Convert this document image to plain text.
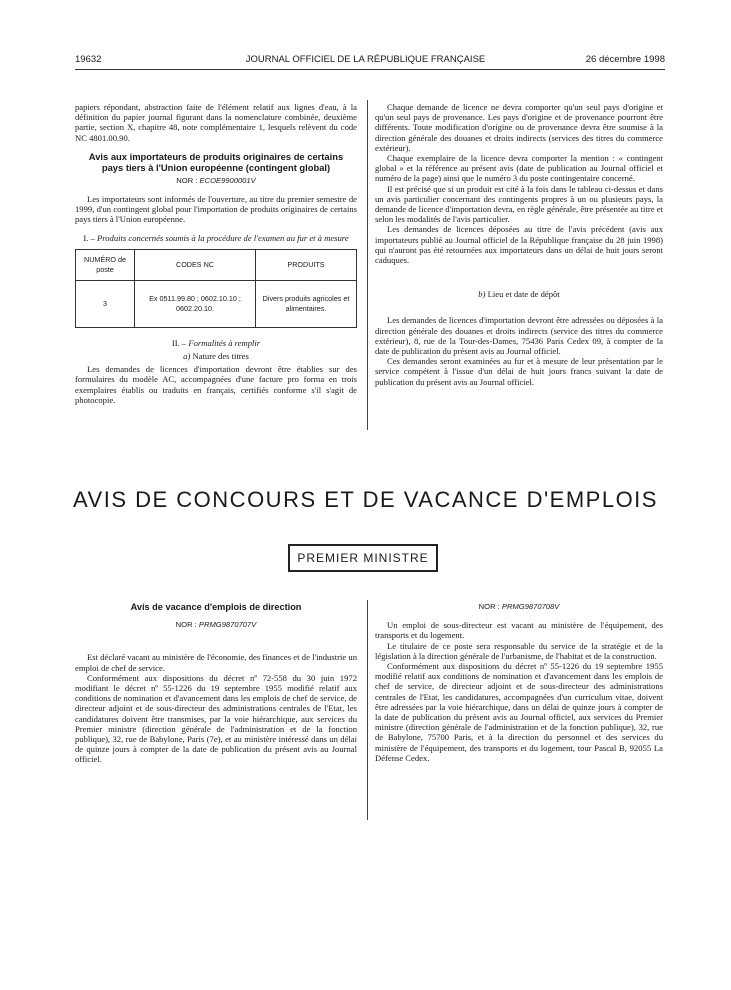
19632	JOURNAL OFFICIEL DE LA RÉPUBLIQUE FRANÇAISE	26 décembre 1998

papiers répondant, abstraction faite de l'élément relatif aux lignes d'eau, à la définition du papier journal figurant dans la nomenclature combinée, deuxième partie, section X, chapitre 48, note complémentaire 1, lesquels relèvent du code NC 4801.00.90.

Avis aux importateurs de produits originaires de certains pays tiers à l'Union européenne (contingent global)
NOR : ECOE9900001V

Les importateurs sont informés de l'ouverture, au titre du premier semestre de 1999, d'un contingent global pour l'importation de produits originaires de certains pays tiers à l'Union européenne.

I. – Produits concernés soumis à la procédure de l'examen au fur et à mesure
NUMÉRO de poste	CODES NC	PRODUITS
3	Ex 0511.99.80 ; 0602.10.10 ; 0602.20.10.	Divers produits agricoles et alimentaires.
II. – Formalités à remplir
a) Nature des titres

Les demandes de licences d'importation devront être établies sur des formulaires du modèle AC, accompagnées d'une facture pro forma en trois exemplaires établis ou traduits en français, certifiés conforme s'il s'agit de photocopie.

Chaque demande de licence ne devra comporter qu'un seul pays d'origine et qu'un seul pays de provenance. Les pays d'origine et de provenance pourront être différents. Toute modification d'origine ou de provenance devra être soumise à la direction générale des douanes et droits indirects (services des titres du commerce extérieur).

Chaque exemplaire de la licence devra comporter la mention : « contingent global » et la référence au présent avis (date de publication au Journal officiel et numéro de la page) ainsi que le numéro 3 du poste contingentaire concerné.

Il est précisé que si un produit est cité à la fois dans le tableau ci-dessus et dans un avis particulier concernant des contingents propres à un ou plusieurs pays, la demande de licence d'importation devra, en règle générale, être présentée au titre et selon les modalités de l'avis particulier.

Les demandes de licences déposées au titre de l'avis précédent (avis aux importateurs publié au Journal officiel de la République française du 28 juin 1998) qui n'auront pas été retournées aux importateurs dans un délai de huit jours seront caduques.

b) Lieu et date de dépôt

Les demandes de licences d'importation devront être adressées ou déposées à la direction générale des douanes et droits indirects (service des titres du commerce extérieur), 8, rue de la Tour-des-Dames, 75436 Paris Cedex 09, à compter de la date de publication du présent avis au Journal officiel.

Ces demandes seront examinées au fur et à mesure de leur présentation par le service compétent à l'issue d'un délai de huit jours francs suivant la date de publication du présent avis au Journal officiel.

AVIS DE CONCOURS ET DE VACANCE D'EMPLOIS
PREMIER MINISTRE
Avis de vacance d'emplois de direction
NOR : PRMG9870707V

Est déclaré vacant au ministère de l'économie, des finances et de l'industrie un emploi de chef de service.

Conformément aux dispositions du décret nº 72-558 du 30 juin 1972 modifiant le décret nº 55-1226 du 19 septembre 1955 modifié relatif aux conditions de nomination et d'avancement dans les emplois de chef de service, de directeur adjoint et de sous-directeur des administrations centrales de l'Etat, les candidatures doivent être transmises, par la voie hiérarchique, aux services du Premier ministre (direction générale de l'administration et de la fonction publique), 32, rue de Babylone, Paris (7e), et au ministère intéressé dans un délai de quinze jours à compter de la date de publication du présent avis au Journal officiel.

NOR : PRMG9870708V

Un emploi de sous-directeur est vacant au ministère de l'équipement, des transports et du logement.

Le titulaire de ce poste sera responsable du service de la stratégie et de la législation à la direction générale de l'urbanisme, de l'habitat et de la construction.

Conformément aux dispositions du décret nº 55-1226 du 19 septembre 1955 modifié relatif aux conditions de nomination et d'avancement dans les emplois de chef de service, de directeur adjoint et de sous-directeur des administrations centrales de l'Etat, les candidatures, accompagnées d'un curriculum vitae, doivent être adressées par la voie hiérarchique, dans un délai de quinze jours à compter de la date de publication du présent avis au Journal officiel, aux services du Premier ministre (direction générale de l'administration et de la fonction publique), 32, rue de Babylone, 75700 Paris, et à la direction du personnel et des services du ministère de l'équipement, des transports et du logement, tour Pascal B, 92055 La Défense Cedex.
